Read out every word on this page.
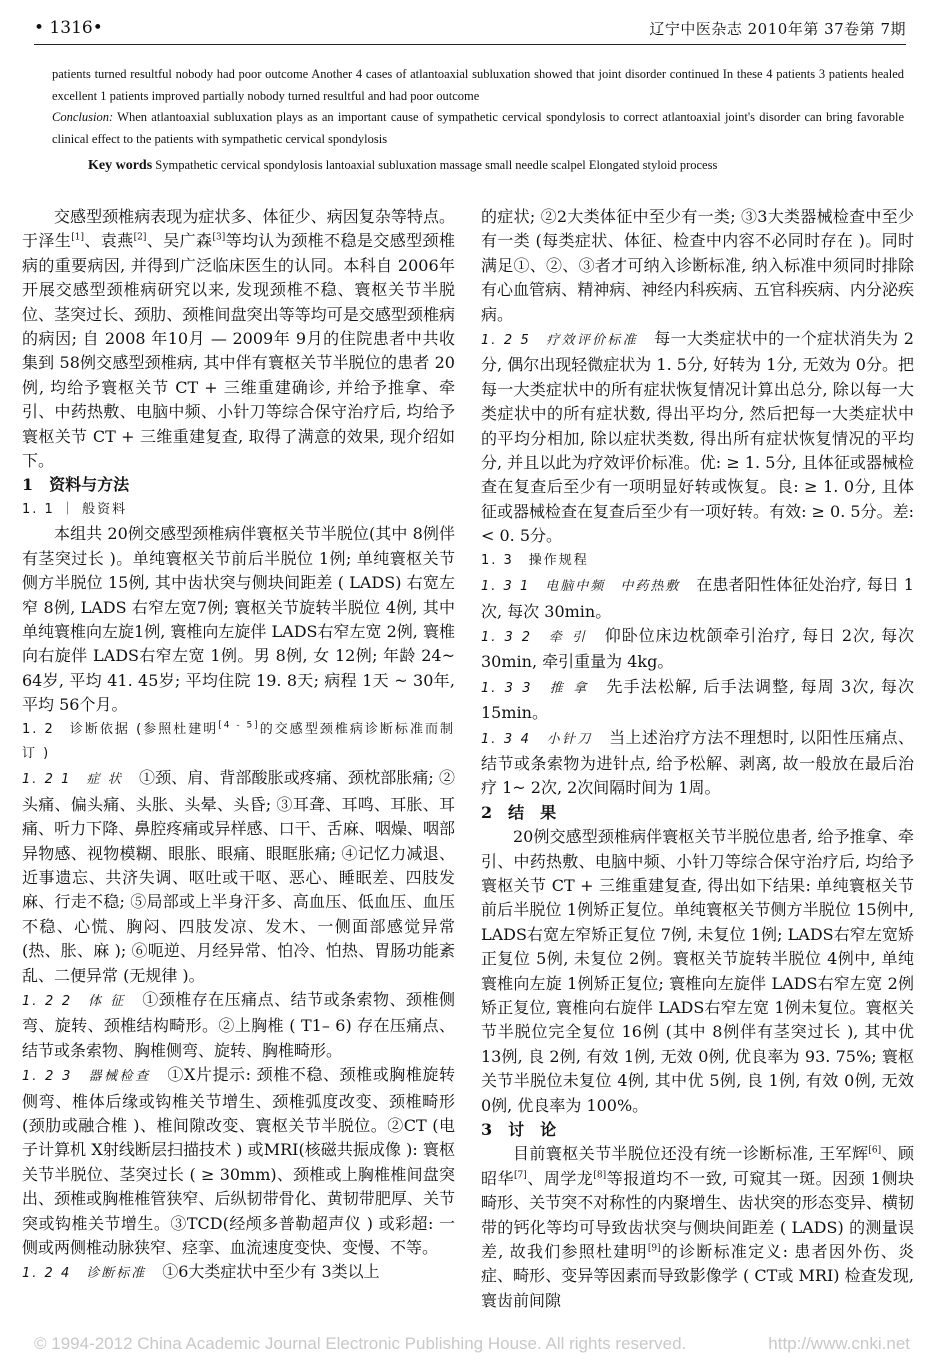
• 1316•	辽宁中医杂志 2010年第 37卷第 7期

patients turned resultful nobody had poor outcome Another 4 cases of atlantoaxial subluxation showed that joint disorder continued In these 4 patients 3 patients healed excellent 1 patients improved partially nobody turned resultful and had poor outcome

Conclusion: When atlantoaxial subluxation plays as an important cause of sympathetic cervical spondylosis to correct atlantoaxial joint's disorder can bring favorable clinical effect to the patients with sympathetic cervical spondylosis

Key words Sympathetic cervical spondylosis lantoaxial subluxation massage small needle scalpel Elongated styloid process

交感型颈椎病表现为症状多、体征少、病因复杂等特点。于泽生[1]、袁燕[2]、吴广森[3]等均认为颈椎不稳是交感型颈椎病的重要病因, 并得到广泛临床医生的认同。本科自 2006年开展交感型颈椎病研究以来, 发现颈椎不稳、寰枢关节半脱位、茎突过长、颈肋、颈椎间盘突出等等均可是交感型颈椎病的病因; 自 2008 年10月 — 2009年 9月的住院患者中共收集到 58例交感型颈椎病, 其中伴有寰枢关节半脱位的患者 20例, 均给予寰枢关节 CT + 三维重建确诊, 并给予推拿、牵引、中药热敷、电脑中频、小针刀等综合保守治疗后, 均给予寰枢关节 CT + 三维重建复查, 取得了满意的效果, 现介绍如下。

1　资料与方法

1. 1 ｜ 般资料

本组共 20例交感型颈椎病伴寰枢关节半脱位(其中 8例伴有茎突过长 )。单纯寰枢关节前后半脱位 1例; 单纯寰枢关节侧方半脱位 15例, 其中齿状突与侧块间距差 ( LADS) 右宽左窄 8例, LADS 右窄左宽7例; 寰枢关节旋转半脱位 4例, 其中单纯寰椎向左旋1例, 寰椎向左旋伴 LADS右窄左宽 2例, 寰椎向右旋伴 LADS右窄左宽 1例。男 8例, 女 12例; 年龄 24~ 64岁, 平均 41. 45岁; 平均住院 19. 8天; 病程 1天 ~ 30年, 平均 56个月。

1. 2　诊断依据 (参照杜建明[4 - 5]的交感型颈椎病诊断标准而制订 )

1. 2 1　症 状　①颈、肩、背部酸胀或疼痛、颈枕部胀痛; ②头痛、偏头痛、头胀、头晕、头昏; ③耳聋、耳鸣、耳胀、耳痛、听力下降、鼻腔疼痛或异样感、口干、舌麻、咽燥、咽部异物感、视物模糊、眼胀、眼痛、眼眶胀痛; ④记忆力减退、近事遗忘、共济失调、呕吐或干呕、恶心、睡眠差、四肢发麻、行走不稳; ⑤局部或上半身汗多、高血压、低血压、血压不稳、心慌、胸闷、四肢发凉、发木、一侧面部感觉异常 (热、胀、麻 ); ⑥呃逆、月经异常、怕冷、怕热、胃肠功能紊乱、二便异常 (无规律 )。

1. 2 2　体 征　①颈椎存在压痛点、结节或条索物、颈椎侧弯、旋转、颈椎结构畸形。②上胸椎 ( T1– 6) 存在压痛点、结节或条索物、胸椎侧弯、旋转、胸椎畸形。

1. 2 3　器械检查　①X片提示: 颈椎不稳、颈椎或胸椎旋转侧弯、椎体后缘或钩椎关节增生、颈椎弧度改变、颈椎畸形 (颈肋或融合椎 )、椎间隙改变、寰枢关节半脱位。②CT (电子计算机 X射线断层扫描技术 ) 或MRI(核磁共振成像 ): 寰枢关节半脱位、茎突过长 ( ≥ 30mm)、颈椎或上胸椎椎间盘突出、颈椎或胸椎椎管狭窄、后纵韧带骨化、黄韧带肥厚、关节突或钩椎关节增生。③TCD(经颅多普勒超声仪 ) 或彩超: 一侧或两侧椎动脉狭窄、痉挛、血流速度变快、变慢、不等。

1. 2 4　诊断标准　①6大类症状中至少有 3类以上

的症状; ②2大类体征中至少有一类; ③3大类器械检查中至少有一类 (每类症状、体征、检查中内容不必同时存在 )。同时满足①、②、③者才可纳入诊断标准, 纳入标准中须同时排除有心血管病、精神病、神经内科疾病、五官科疾病、内分泌疾病。

1. 2 5　疗效评价标准　每一大类症状中的一个症状消失为 2分, 偶尔出现轻微症状为 1. 5分, 好转为 1分, 无效为 0分。把每一大类症状中的所有症状恢复情况计算出总分, 除以每一大类症状中的所有症状数, 得出平均分, 然后把每一大类症状中的平均分相加, 除以症状类数, 得出所有症状恢复情况的平均分, 并且以此为疗效评价标准。优: ≥ 1. 5分, 且体征或器械检查在复查后至少有一项明显好转或恢复。良: ≥ 1. 0分, 且体征或器械检查在复查后至少有一项好转。有效: ≥ 0. 5分。差: < 0. 5分。

1. 3　操作规程

1. 3 1　电脑中频　中药热敷　在患者阳性体征处治疗, 每日 1次, 每次 30min。

1. 3 2　牵 引　仰卧位床边枕颌牵引治疗, 每日 2次, 每次 30min, 牵引重量为 4kg。

1. 3 3　推 拿　先手法松解, 后手法调整, 每周 3次, 每次 15min。

1. 3 4　小针刀　当上述治疗方法不理想时, 以阳性压痛点、结节或条索物为进针点, 给予松解、剥离, 故一般放在最后治疗 1~ 2次, 2次间隔时间为 1周。

2　结　果

20例交感型颈椎病伴寰枢关节半脱位患者, 给予推拿、牵引、中药热敷、电脑中频、小针刀等综合保守治疗后, 均给予寰枢关节 CT + 三维重建复查, 得出如下结果: 单纯寰枢关节前后半脱位 1例矫正复位。单纯寰枢关节侧方半脱位 15例中, LADS右宽左窄矫正复位 7例, 未复位 1例; LADS右窄左宽矫正复位 5例, 未复位 2例。寰枢关节旋转半脱位 4例中, 单纯寰椎向左旋 1例矫正复位; 寰椎向左旋伴 LADS右窄左宽 2例矫正复位, 寰椎向右旋伴 LADS右窄左宽 1例未复位。寰枢关节半脱位完全复位 16例 (其中 8例伴有茎突过长 ), 其中优 13例, 良 2例, 有效 1例, 无效 0例, 优良率为 93. 75%; 寰枢关节半脱位未复位 4例, 其中优 5例, 良 1例, 有效 0例, 无效 0例, 优良率为 100%。

3　讨　论

目前寰枢关节半脱位还没有统一诊断标准, 王军辉[6]、顾昭华[7]、周学龙[8]等报道均不一致, 可窥其一斑。因颈 1侧块畸形、关节突不对称性的内聚增生、齿状突的形态变异、横韧带的钙化等均可导致齿状突与侧块间距差 ( LADS) 的测量误差, 故我们参照杜建明[9]的诊断标准定义: 患者因外伤、炎症、畸形、变异等因素而导致影像学 ( CT或 MRI) 检查发现, 寰齿前间隙

© 1994-2012 China Academic Journal Electronic Publishing House. All rights reserved.	http://www.cnki.net
